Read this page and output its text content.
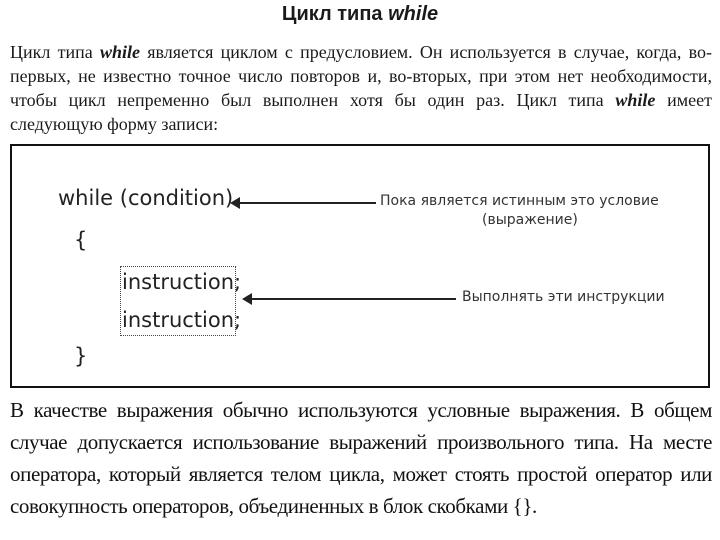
Цикл типа while
Цикл типа while является циклом с предусловием. Он используется в случае, когда, во-первых, не известно точное число повторов и, во-вторых, при этом нет необходимости, чтобы цикл непременно был выполнен хотя бы один раз. Цикл типа while имеет следующую форму записи:
while (condition)
{
instruction;
instruction;
}
Пока является истинным это условие
(выражение)
Выполнять эти инструкции
В качестве выражения обычно используются условные выражения. В общем случае допускается использование выражений произвольного типа. На месте оператора, который является телом цикла, может стоять простой оператор или совокупность операторов, объединенных в блок скобками {}.
